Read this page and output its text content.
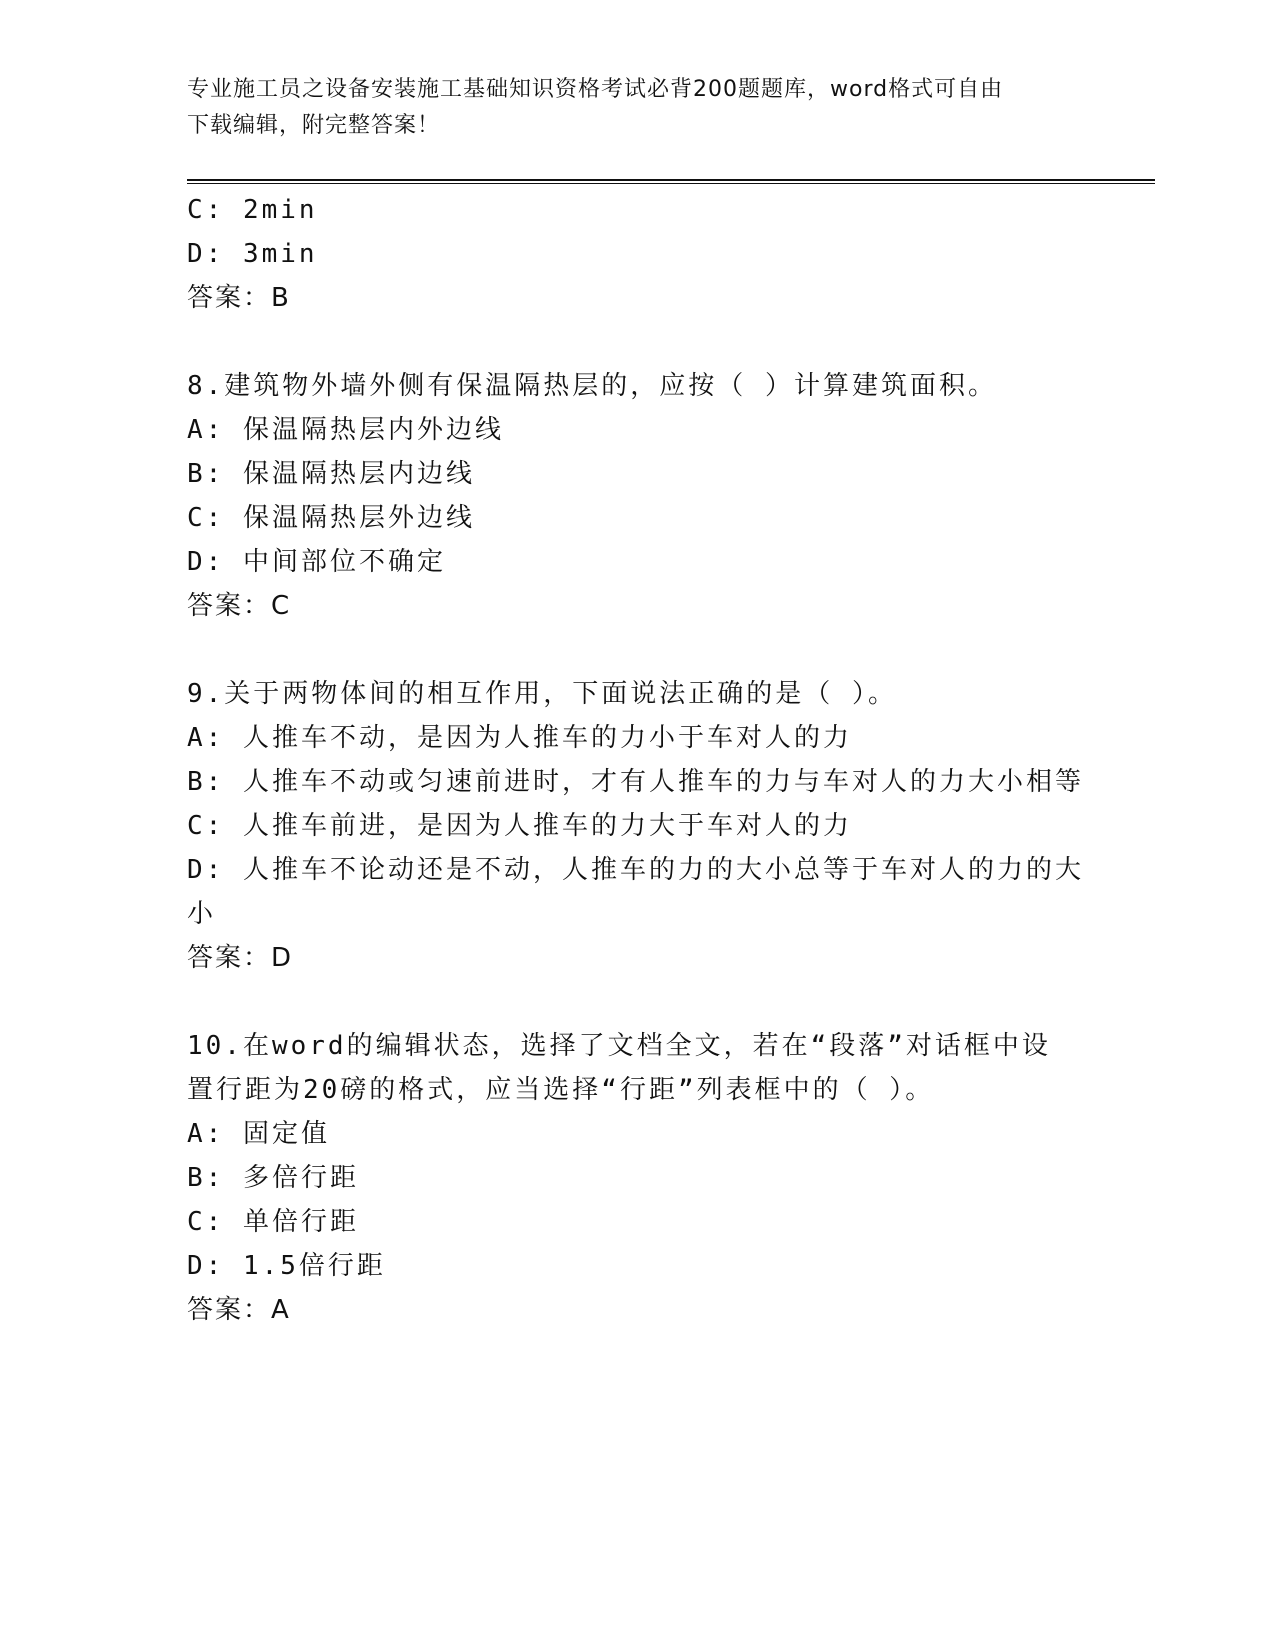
专业施工员之设备安装施工基础知识资格考试必背200题题库，word格式可自由
下载编辑，附完整答案！
C: 2min
D: 3min
答案：B
8.建筑物外墙外侧有保温隔热层的，应按（ ）计算建筑面积。
A: 保温隔热层内外边线
B: 保温隔热层内边线
C: 保温隔热层外边线
D: 中间部位不确定
答案：C
9.关于两物体间的相互作用，下面说法正确的是（ ）。
A: 人推车不动，是因为人推车的力小于车对人的力
B: 人推车不动或匀速前进时，才有人推车的力与车对人的力大小相等
C: 人推车前进，是因为人推车的力大于车对人的力
D: 人推车不论动还是不动，人推车的力的大小总等于车对人的力的大
小
答案：D
10.在word的编辑状态，选择了文档全文，若在“段落”对话框中设
置行距为20磅的格式，应当选择“行距”列表框中的（ ）。
A: 固定值
B: 多倍行距
C: 单倍行距
D: 1.5倍行距
答案：A
